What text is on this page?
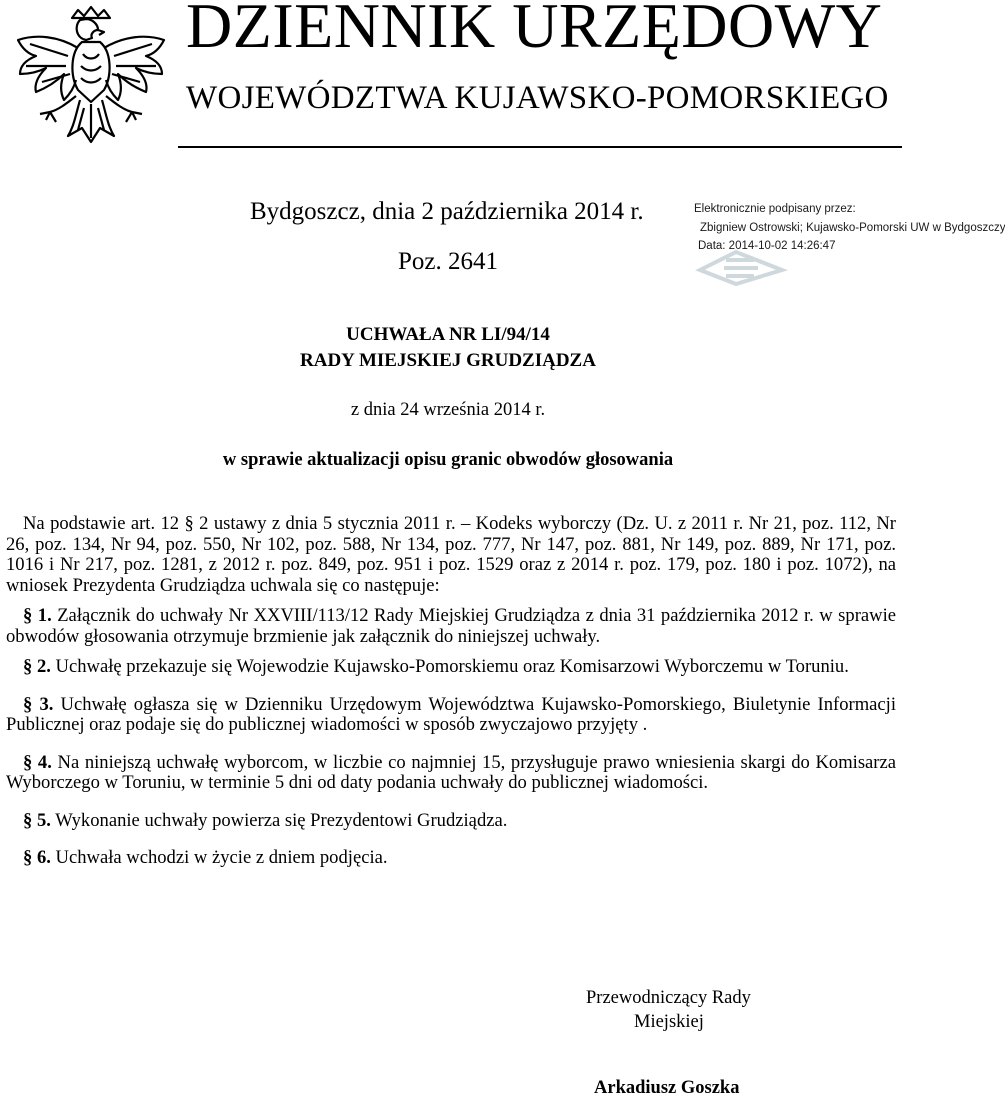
DZIENNIK URZĘDOWY
WOJEWÓDZTWA KUJAWSKO-POMORSKIEGO
Bydgoszcz, dnia 2 października 2014 r.
Poz. 2641
Elektronicznie podpisany przez:
Zbigniew Ostrowski; Kujawsko-Pomorski UW w Bydgoszczy
Data: 2014-10-02 14:26:47
UCHWAŁA NR LI/94/14
RADY MIEJSKIEJ GRUDZIĄDZA
z dnia 24 września 2014 r.
w sprawie aktualizacji opisu granic obwodów głosowania

Na podstawie art. 12 § 2 ustawy z dnia 5 stycznia 2011 r. – Kodeks wyborczy (Dz. U. z 2011 r. Nr 21, poz. 112, Nr 26, poz. 134, Nr 94, poz. 550, Nr 102, poz. 588, Nr 134, poz. 777, Nr 147, poz. 881, Nr 149, poz. 889, Nr 171, poz. 1016 i Nr 217, poz. 1281, z 2012 r. poz. 849, poz. 951 i poz. 1529 oraz z 2014 r. poz. 179, poz. 180 i poz. 1072), na wniosek Prezydenta Grudziądza uchwala się co następuje:

§ 1. Załącznik do uchwały Nr XXVIII/113/12 Rady Miejskiej Grudziądza z dnia 31 października 2012 r. w sprawie obwodów głosowania otrzymuje brzmienie jak załącznik do niniejszej uchwały.

§ 2. Uchwałę przekazuje się Wojewodzie Kujawsko-Pomorskiemu oraz Komisarzowi Wyborczemu w Toruniu.

§ 3. Uchwałę ogłasza się w Dzienniku Urzędowym Województwa Kujawsko-Pomorskiego, Biuletynie Informacji Publicznej oraz podaje się do publicznej wiadomości w sposób zwyczajowo przyjęty .

§ 4. Na niniejszą uchwałę wyborcom, w liczbie co najmniej 15, przysługuje prawo wniesienia skargi do Komisarza Wyborczego w Toruniu, w terminie 5 dni od daty podania uchwały do publicznej wiadomości.

§ 5. Wykonanie uchwały powierza się Prezydentowi Grudziądza.

§ 6. Uchwała wchodzi w życie z dniem podjęcia.

Przewodniczący Rady
Miejskiej
Arkadiusz Goszka
